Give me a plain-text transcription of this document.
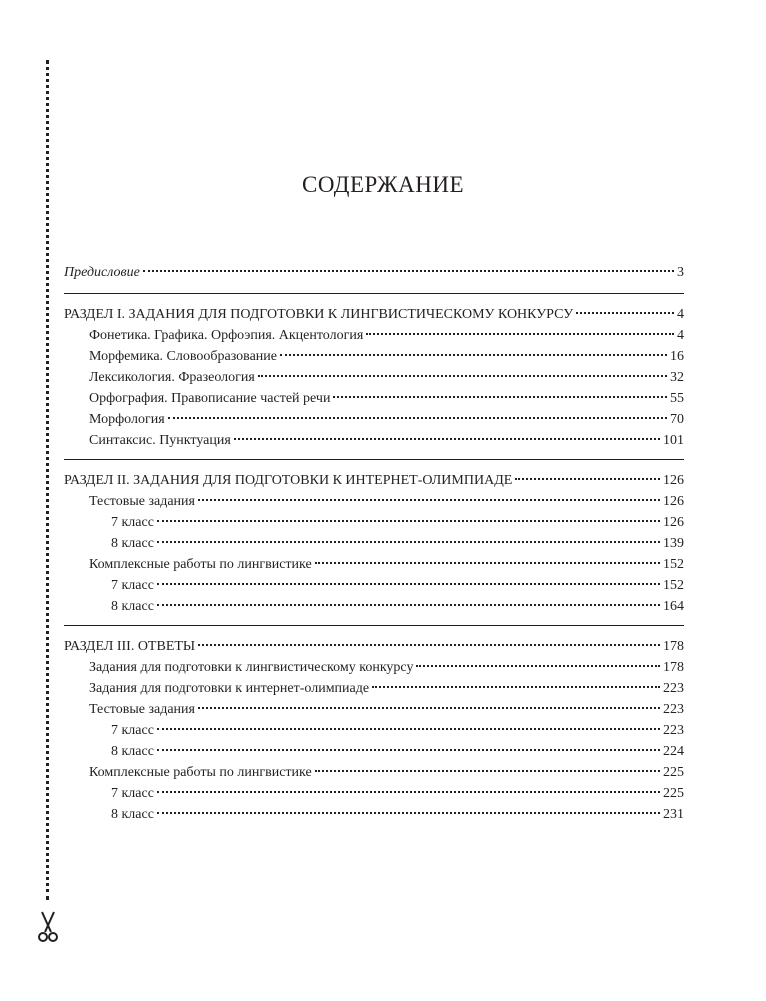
СОДЕРЖАНИЕ
Предисловие	3
РАЗДЕЛ I. ЗАДАНИЯ ДЛЯ ПОДГОТОВКИ К ЛИНГВИСТИЧЕСКОМУ КОНКУРСУ	4
Фонетика. Графика. Орфоэпия. Акцентология	4
Морфемика. Словообразование	16
Лексикология. Фразеология	32
Орфография. Правописание частей речи	55
Морфология	70
Синтаксис. Пунктуация	101
РАЗДЕЛ II. ЗАДАНИЯ ДЛЯ ПОДГОТОВКИ К ИНТЕРНЕТ-ОЛИМПИАДЕ	126
Тестовые задания	126
7 класс	126
8 класс	139
Комплексные работы по лингвистике	152
7 класс	152
8 класс	164
РАЗДЕЛ III. ОТВЕТЫ	178
Задания для подготовки к лингвистическому конкурсу	178
Задания для подготовки к интернет-олимпиаде	223
Тестовые задания	223
7 класс	223
8 класс	224
Комплексные работы по лингвистике	225
7 класс	225
8 класс	231
